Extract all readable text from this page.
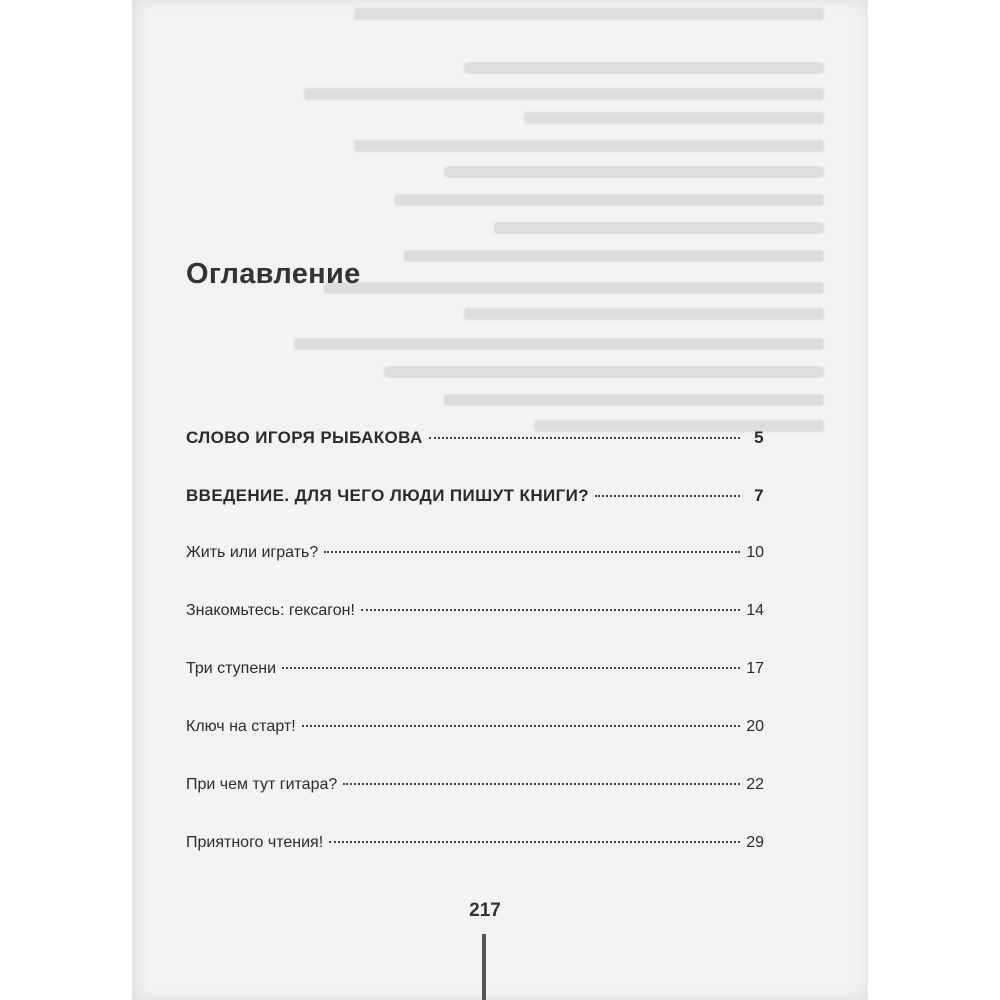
Оглавление
СЛОВО ИГОРЯ РЫБАКОВА	5
ВВЕДЕНИЕ. ДЛЯ ЧЕГО ЛЮДИ ПИШУТ КНИГИ?	7
Жить или играть?	10
Знакомьтесь: гексагон!	14
Три ступени	17
Ключ на старт!	20
При чем тут гитара?	22
Приятного чтения!	29
217
